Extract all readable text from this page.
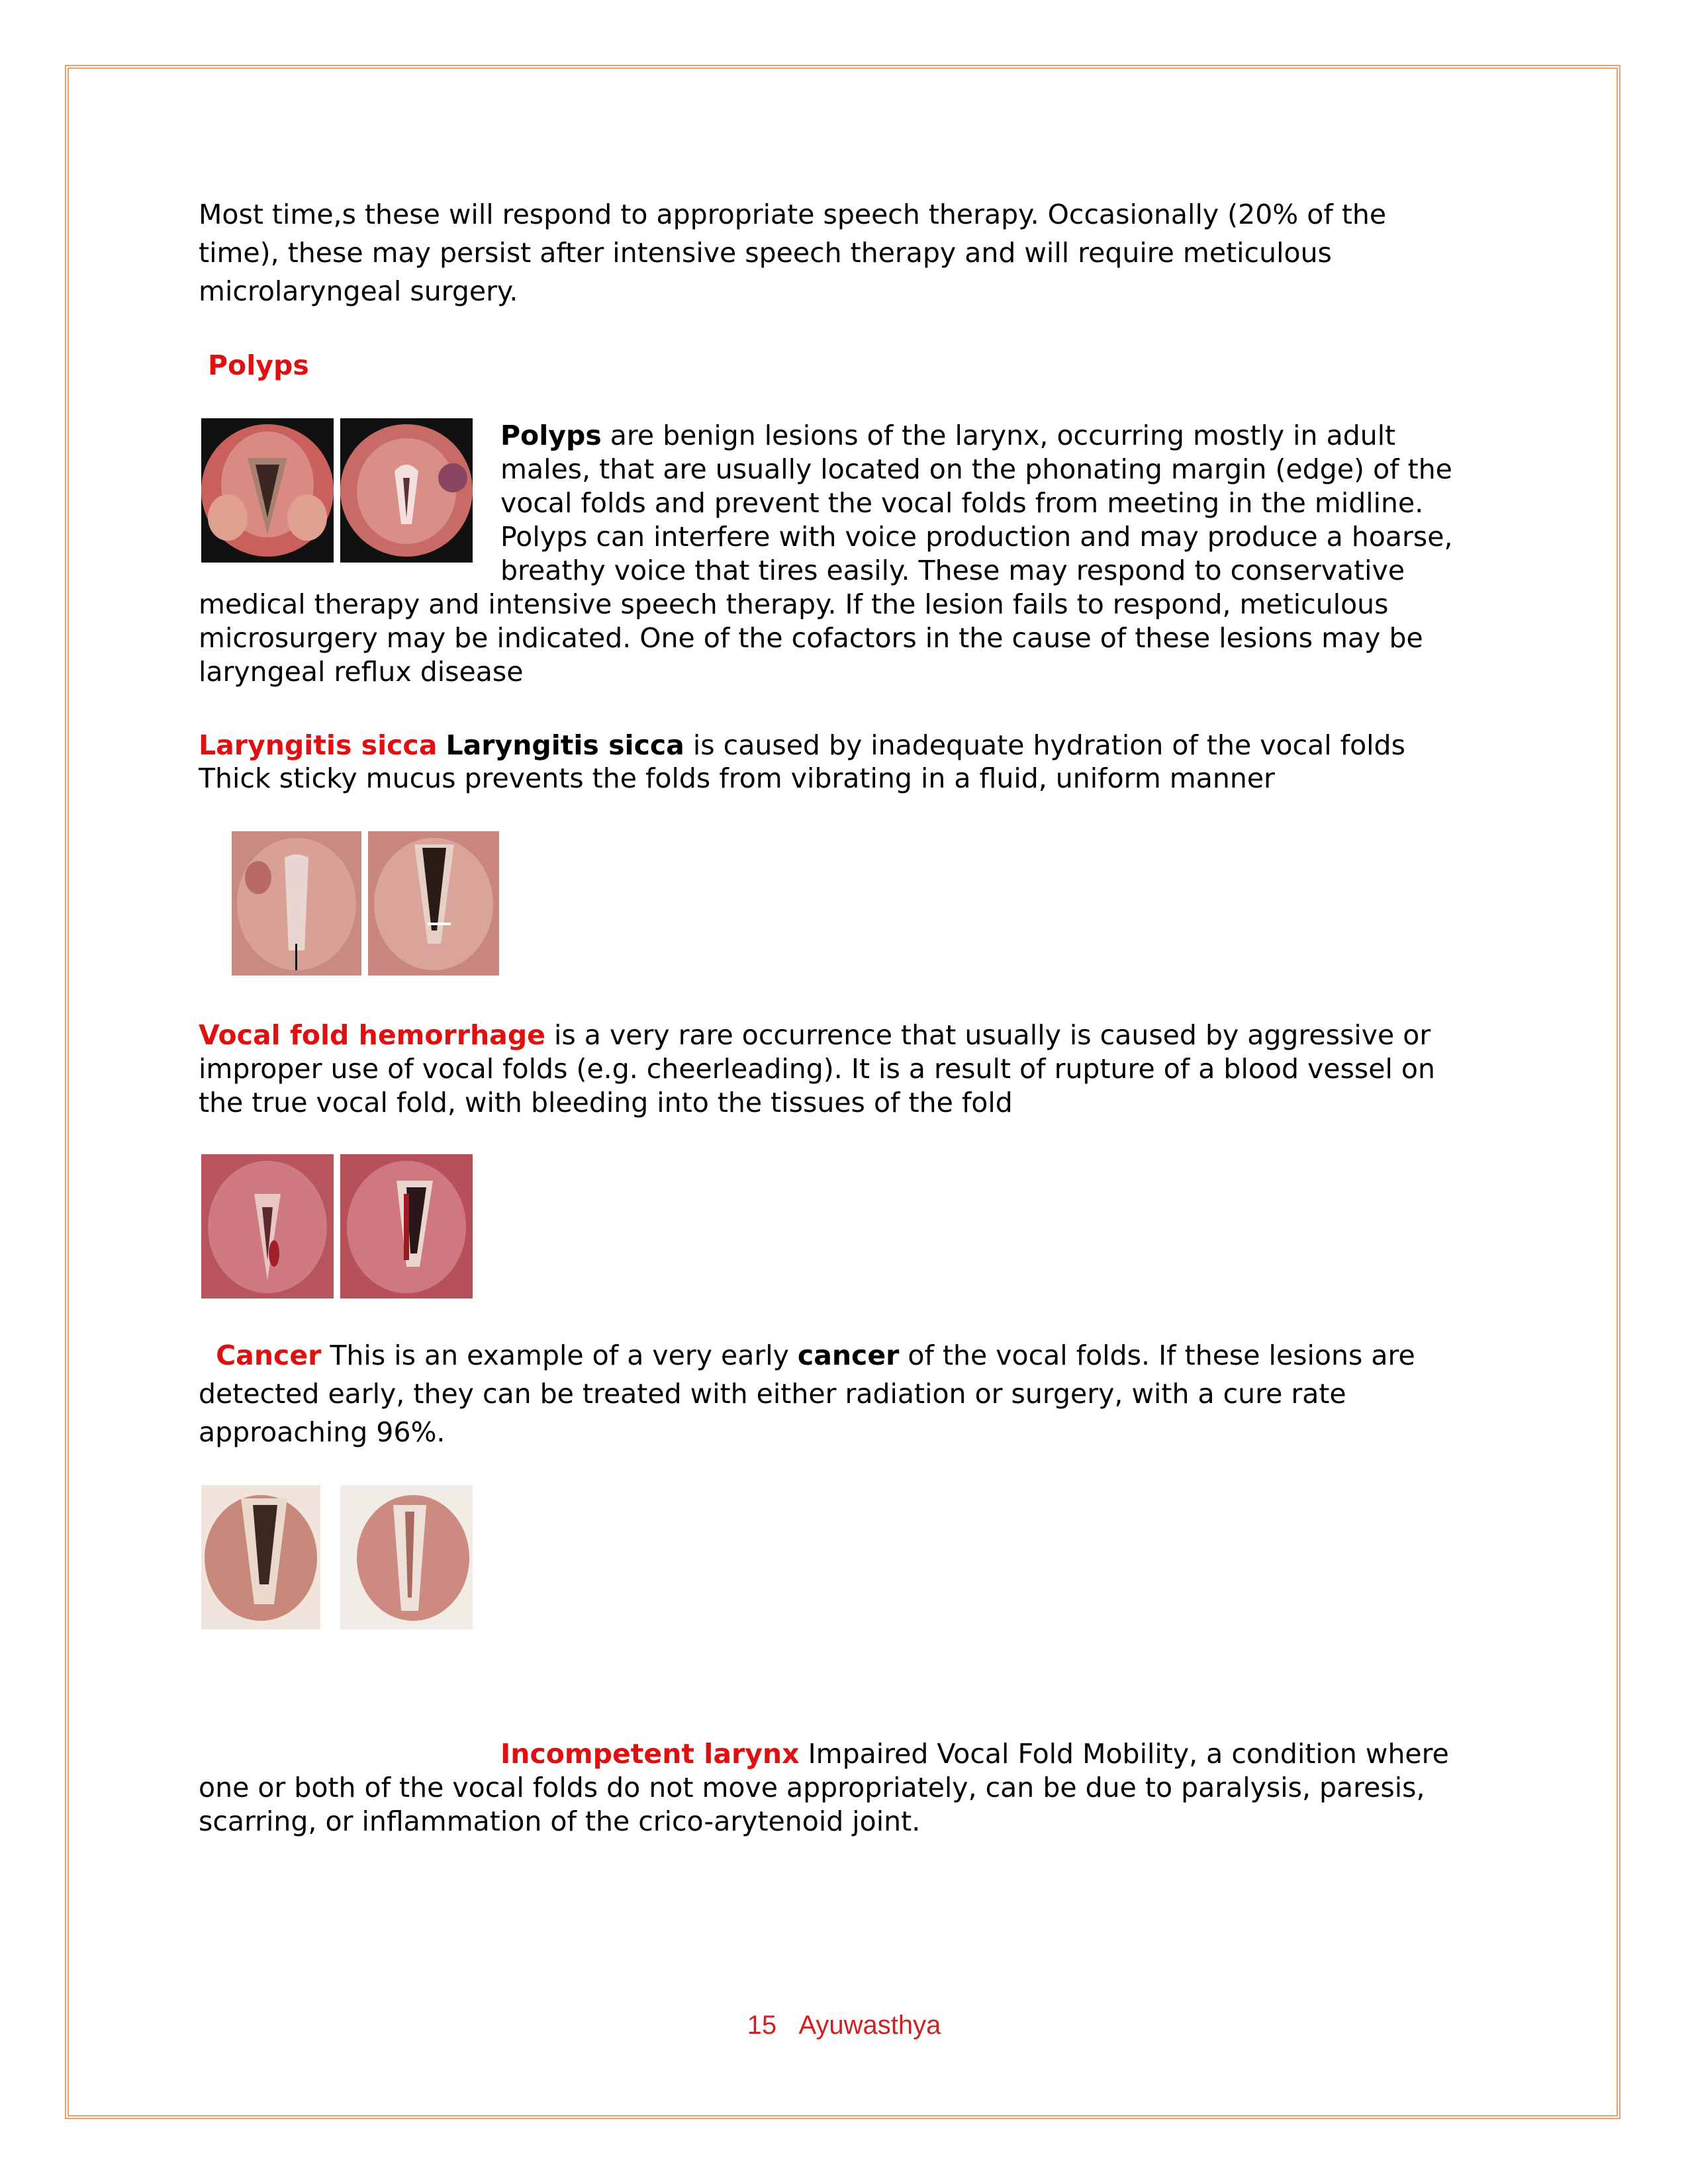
Most time,s these will respond to appropriate speech therapy. Occasionally (20% of the
time), these may persist after intensive speech therapy and will require meticulous
microlaryngeal surgery.
Polyps
Polyps are benign lesions of the larynx, occurring mostly in adult
males, that are usually located on the phonating margin (edge) of the
vocal folds and prevent the vocal folds from meeting in the midline.
Polyps can interfere with voice production and may produce a hoarse,
breathy voice that tires easily. These may respond to conservative
medical therapy and intensive speech therapy. If the lesion fails to respond, meticulous
microsurgery may be indicated. One of the cofactors in the cause of these lesions may be
laryngeal reflux disease
Laryngitis sicca Laryngitis sicca is caused by inadequate hydration of the vocal folds
Thick sticky mucus prevents the folds from vibrating in a fluid, uniform manner
Vocal fold hemorrhage is a very rare occurrence that usually is caused by aggressive or
improper use of vocal folds (e.g. cheerleading). It is a result of rupture of a blood vessel on
the true vocal fold, with bleeding into the tissues of the fold
Cancer This is an example of a very early cancer of the vocal folds. If these lesions are
detected early, they can be treated with either radiation or surgery, with a cure rate
approaching 96%.
Incompetent larynx Impaired Vocal Fold Mobility, a condition where
one or both of the vocal folds do not move appropriately, can be due to paralysis, paresis,
scarring, or inflammation of the crico-arytenoid joint.
15 Ayuwasthya
